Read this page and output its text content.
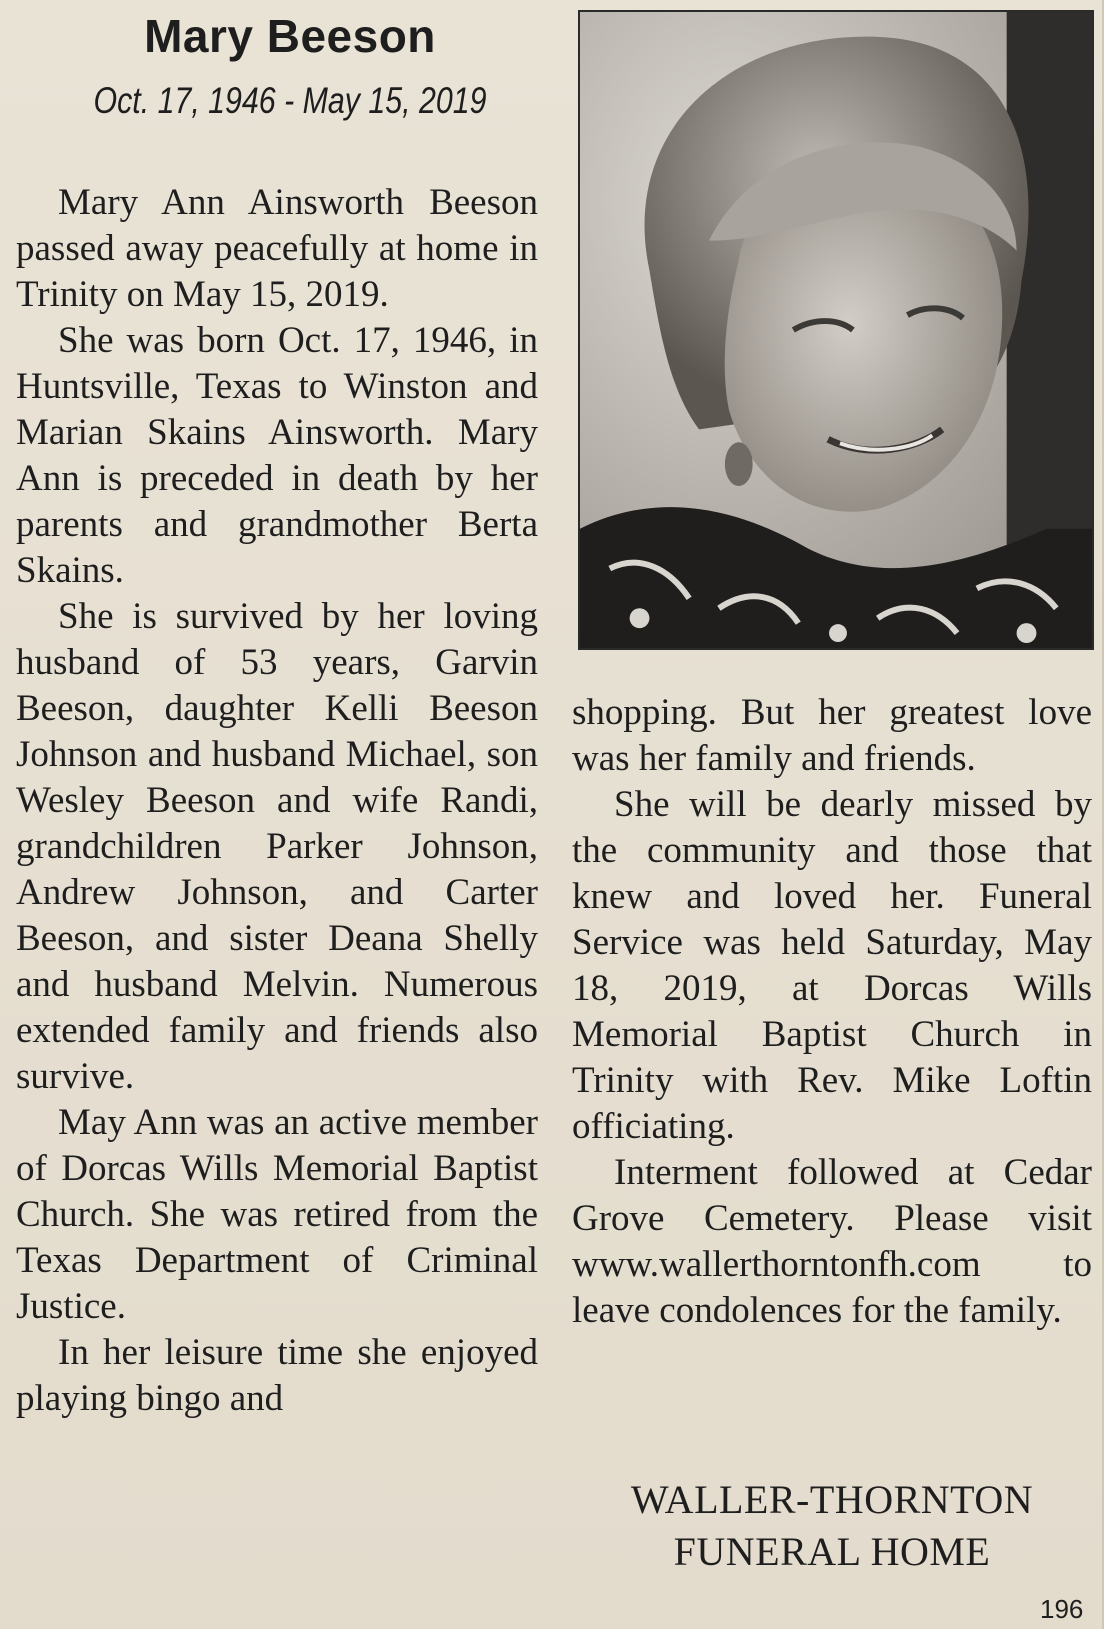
Mary Beeson
Oct. 17, 1946 - May 15, 2019

Mary Ann Ainsworth Beeson passed away peacefully at home in Trinity on May 15, 2019.

She was born Oct. 17, 1946, in Huntsville, Texas to Winston and Marian Skains Ainsworth. Mary Ann is preceded in death by her parents and grandmother Berta Skains.

She is survived by her loving husband of 53 years, Garvin Beeson, daughter Kelli Beeson Johnson and husband Michael, son Wesley Beeson and wife Randi, grandchildren Parker Johnson, Andrew Johnson, and Carter Beeson, and sister Deana Shelly and husband Melvin. Numerous extended family and friends also survive.

May Ann was an active member of Dorcas Wills Memorial Baptist Church. She was retired from the Texas Department of Criminal Justice.

In her leisure time she enjoyed playing bingo and

shopping. But her greatest love was her family and friends.

She will be dearly missed by the community and those that knew and loved her. Funeral Service was held Saturday, May 18, 2019, at Dorcas Wills Memorial Baptist Church in Trinity with Rev. Mike Loftin officiating.

Interment followed at Cedar Grove Cemetery. Please visit www.wallerthorntonfh.com to leave condolences for the family.

WALLER-THORNTON
FUNERAL HOME
196
